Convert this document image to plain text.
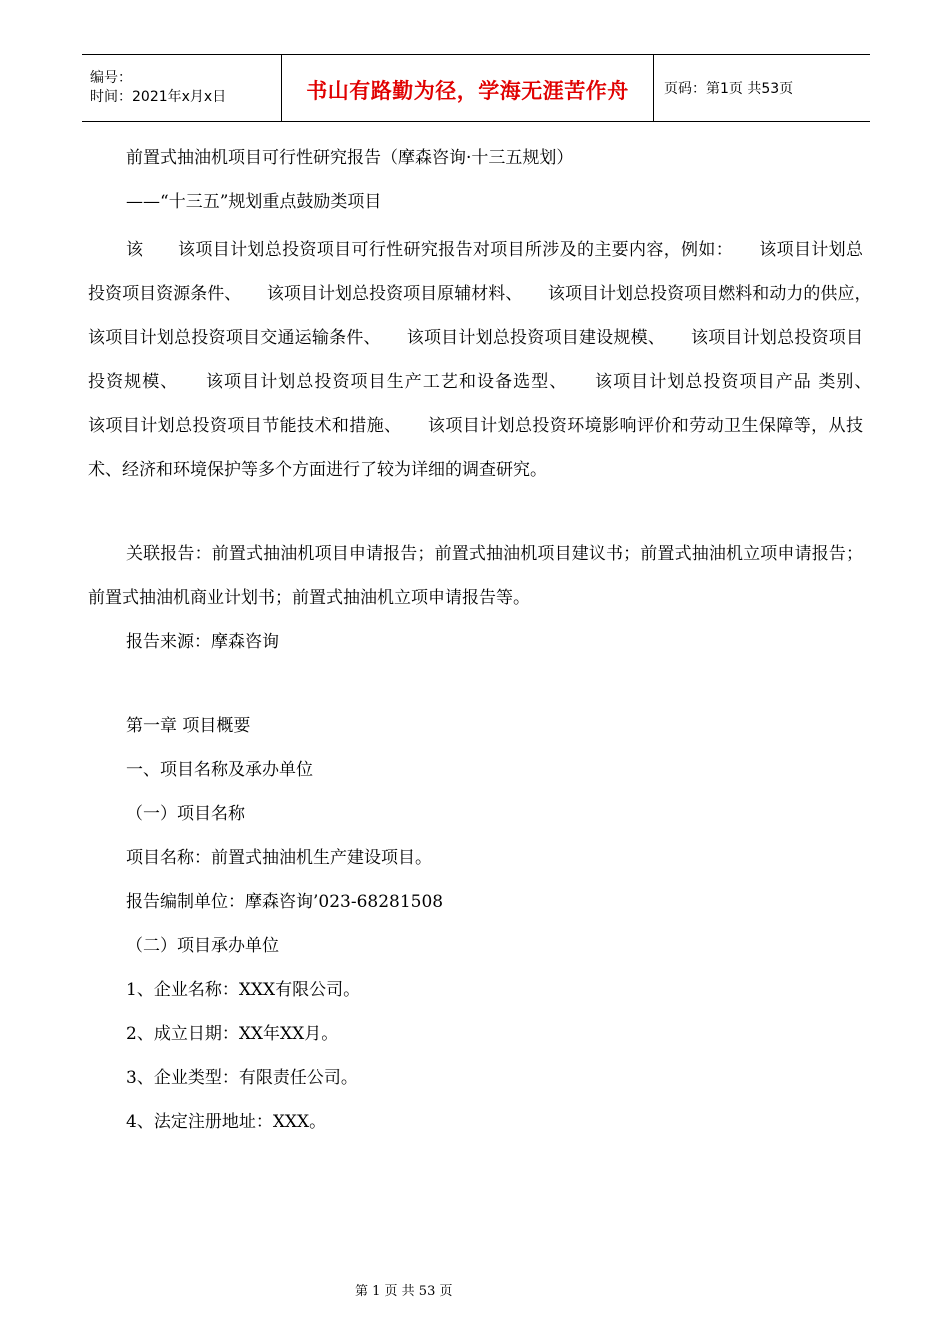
编号：
时间：2021年x月x日	书山有路勤为径，学海无涯苦作舟	页码：第1页 共53页

前置式抽油机项目可行性研究报告（摩森咨询·十三五规划）

——“十三五”规划重点鼓励类项目

该　　该项目计划总投资项目可行性研究报告对项目所涉及的主要内容，例如：　　该项目计划总投资项目资源条件、　　该项目计划总投资项目原辅材料、　　该项目计划总投资项目燃料和动力的供应，　　该项目计划总投资项目交通运输条件、　　该项目计划总投资项目建设规模、　　该项目计划总投资项目投资规模、　　该项目计划总投资项目生产工艺和设备选型、　　该项目计划总投资项目产品 类别、　　该项目计划总投资项目节能技术和措施、　　该项目计划总投资环境影响评价和劳动卫生保障等，从技术、经济和环境保护等多个方面进行了较为详细的调查研究。

关联报告：前置式抽油机项目申请报告；前置式抽油机项目建议书；前置式抽油机立项申请报告；前置式抽油机商业计划书；前置式抽油机立项申请报告等。

报告来源：摩森咨询

第一章 项目概要

一、项目名称及承办单位

（一）项目名称

项目名称：前置式抽油机生产建设项目。

报告编制单位：摩森咨询’023-68281508

（二）项目承办单位

1、企业名称：XXX有限公司。

2、成立日期：XX年XX月。

3、企业类型：有限责任公司。

4、法定注册地址：XXX。

第 1 页 共 53 页
